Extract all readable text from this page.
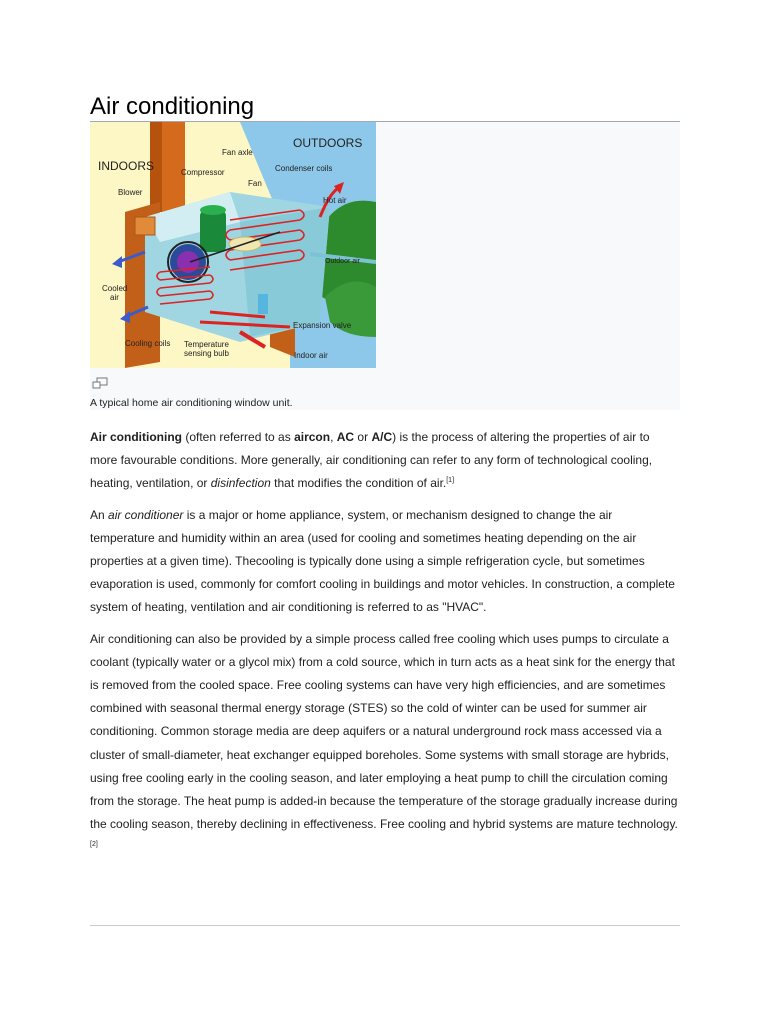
Air conditioning
INDOORS
OUTDOORS
Fan axle
Compressor
Fan
Condenser coils
Blower
Hot air
Outdoor air
Cooled
air
Expansion valve
Cooling coils Temperature
sensing bulb	Indoor air
A typical home air conditioning window unit.

Air conditioning (often referred to as aircon, AC or A/C) is the process of altering the properties of air to more favourable conditions. More generally, air conditioning can refer to any form of technological cooling, heating, ventilation, or disinfection that modifies the condition of air.[1]

An air conditioner is a major or home appliance, system, or mechanism designed to change the air temperature and humidity within an area (used for cooling and sometimes heating depending on the air properties at a given time). Thecooling is typically done using a simple refrigeration cycle, but sometimes evaporation is used, commonly for comfort cooling in buildings and motor vehicles. In construction, a complete system of heating, ventilation and air conditioning is referred to as "HVAC".

Air conditioning can also be provided by a simple process called free cooling which uses pumps to circulate a coolant (typically water or a glycol mix) from a cold source, which in turn acts as a heat sink for the energy that is removed from the cooled space. Free cooling systems can have very high efficiencies, and are sometimes combined with seasonal thermal energy storage (STES) so the cold of winter can be used for summer air conditioning. Common storage media are deep aquifers or a natural underground rock mass accessed via a cluster of small-diameter, heat exchanger equipped boreholes. Some systems with small storage are hybrids, using free cooling early in the cooling season, and later employing a heat pump to chill the circulation coming from the storage. The heat pump is added-in because the temperature of the storage gradually increase during the cooling season, thereby declining in effectiveness. Free cooling and hybrid systems are mature technology.[2]
